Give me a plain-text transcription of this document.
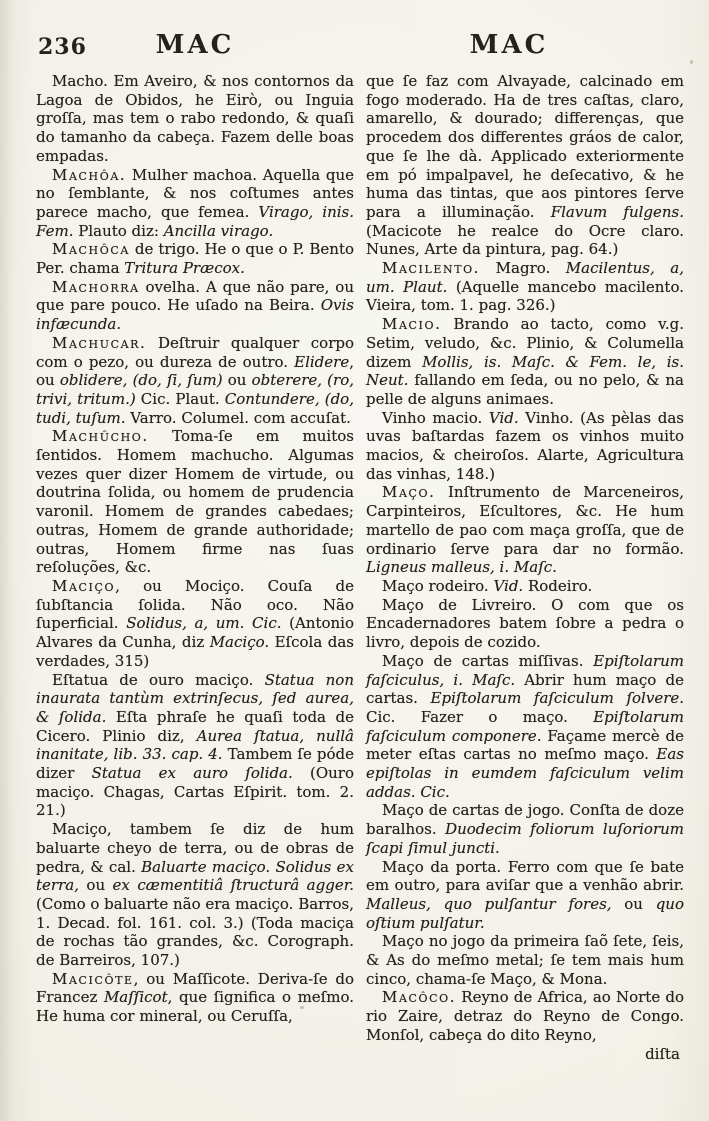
236	MAC	MAC

Macho. Em Aveiro, & nos contornos da Lagoa de Obidos, he Eirò, ou Inguia groſſa, mas tem o rabo redondo, & quaſi do tamanho da cabeça. Fazem delle boas empadas.

Machôa. Mulher machoa. Aquella que no ſemblante, & nos coſtumes antes parece macho, que femea. Virago, inis. Fem. Plauto diz: Ancilla virago.

Machôca de trigo. He o que o P. Bento Per. chama Tritura Præcox.

Machorra ovelha. A que não pare, ou que pare pouco. He uſado na Beira. Ovis infæcunda.

Machucar. Deſtruir qualquer corpo com o pezo, ou dureza de outro. Elidere, ou oblidere, (do, ſi, ſum) ou obterere, (ro, trivi, tritum.) Cic. Plaut. Contundere, (do, tudi, tuſum. Varro. Columel. com accuſat.

Machûcho. Toma-ſe em muitos ſentidos. Homem machucho. Algumas vezes quer dizer Homem de virtude, ou doutrina ſolida, ou homem de prudencia varonil. Homem de grandes cabedaes; outras, Homem de grande authoridade; outras, Homem firme nas ſuas reſoluções, &c.

Maciço, ou Mociço. Couſa de ſubſtancia ſolida. Não oco. Não ſuperficial. Solidus, a, um. Cic. (Antonio Alvares da Cunha, diz Maciço. Eſcola das verdades, 315)

Eſtatua de ouro maciço. Statua non inaurata tantùm extrinſecus, ſed aurea, & ſolida. Eſta phraſe he quaſi toda de Cicero. Plinio diz, Aurea ſtatua, nullâ inanitate, lib. 33. cap. 4. Tambem ſe póde dizer Statua ex auro ſolida. (Ouro maciço. Chagas, Cartas Eſpirit. tom. 2. 21.)

Maciço, tambem ſe diz de hum baluarte cheyo de terra, ou de obras de pedra, & cal. Baluarte maciço. Solidus ex terra, ou ex cæmentitiâ ſtructurâ agger. (Como o baluarte não era maciço. Barros, 1. Decad. fol. 161. col. 3.) (Toda maciça de rochas tão grandes, &c. Corograph. de Barreiros, 107.)

Macicôte, ou Maſſicote. Deriva-ſe do Francez Maſſicot, que ſignifica o meſmo. He huma cor mineral, ou Ceruſſa,

que ſe faz com Alvayade, calcinado em fogo moderado. Ha de tres caſtas, claro, amarello, & dourado; differenças, que procedem dos differentes gráos de calor, que ſe lhe dà. Applicado exteriormente em pó impalpavel, he deſecativo, & he huma das tintas, que aos pintores ſerve para a illuminação. Flavum fulgens. (Macicote he realce do Ocre claro. Nunes, Arte da pintura, pag. 64.)

Macilento. Magro. Macilentus, a, um. Plaut. (Aquelle mancebo macilento. Vieira, tom. 1. pag. 326.)

Macio. Brando ao tacto, como v.g. Setim, veludo, &c. Plinio, & Columella dizem Mollis, is. Maſc. & Fem. le, is. Neut. fallando em ſeda, ou no pelo, & na pelle de alguns animaes.

Vinho macio. Vid. Vinho. (As pèlas das uvas baſtardas fazem os vinhos muito macios, & cheiroſos. Alarte, Agricultura das vinhas, 148.)

Maço. Inſtrumento de Marceneiros, Carpinteiros, Eſcultores, &c. He hum martello de pao com maça groſſa, que de ordinario ſerve para dar no formão. Ligneus malleus, i. Maſc.

Maço rodeiro. Vid. Rodeiro.

Maço de Livreiro. O com que os Encadernadores batem ſobre a pedra o livro, depois de cozido.

Maço de cartas miſſivas. Epiſtolarum faſciculus, i. Maſc. Abrir hum maço de cartas. Epiſtolarum faſciculum ſolvere. Cic. Fazer o maço. Epiſtolarum faſciculum componere. Façame mercè de meter eſtas cartas no meſmo maço. Eas epiſtolas in eumdem faſciculum velim addas. Cic.

Maço de cartas de jogo. Conſta de doze baralhos. Duodecim foliorum luſoriorum ſcapi ſimul juncti.

Maço da porta. Ferro com que ſe bate em outro, para aviſar que a venhão abrir. Malleus, quo pulſantur fores, ou quo oſtium pulſatur.

Maço no jogo da primeira ſaõ ſete, ſeis, & As do meſmo metal; ſe tem mais hum cinco, chama-ſe Maço, & Mona.

Macôco. Reyno de Africa, ao Norte do rio Zaire, detraz do Reyno de Congo. Monſol, cabeça do dito Reyno,

diſta
